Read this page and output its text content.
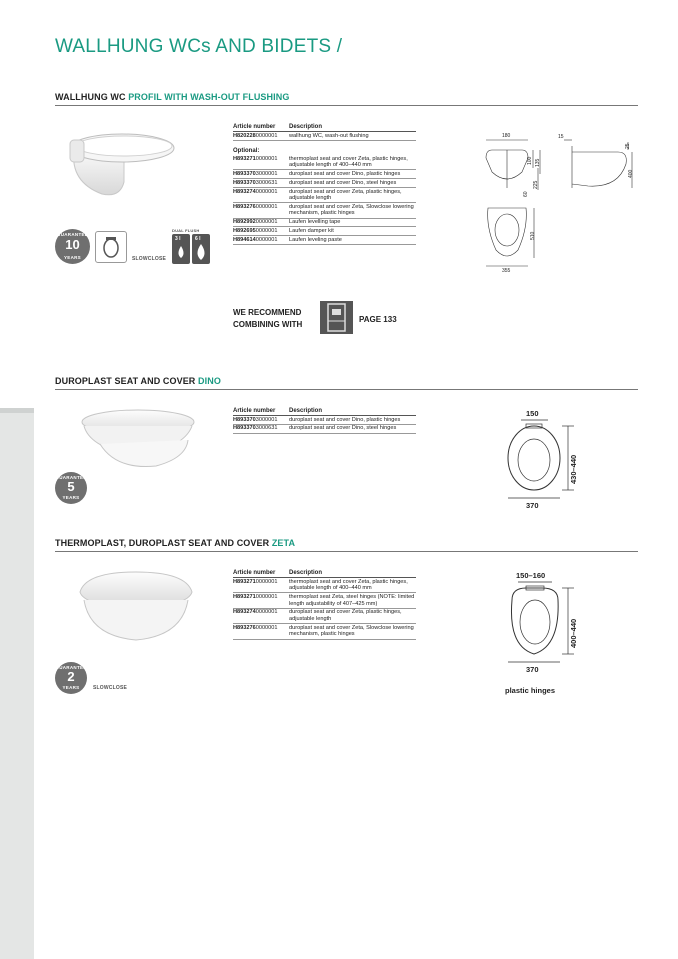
WALLHUNG WCs AND BIDETS /
WALLHUNG WC PROFIL WITH WASH-OUT FLUSHING
GUARANTEE
10
YEARS	SLOWCLOSE
DUAL FLUSH
3 l	6 l
Article number	Description
H8202280000001	wallhung WC, wash-out flushing
Optional:	
H8932710000001	thermoplast seat and cover Zeta, plastic hinges, adjustable length of 400–440 mm
H8933703000001	duroplast seat and cover Dino, plastic hinges
H8933703000631	duroplast seat and cover Dino, steel hinges
H8932740000001	duroplast seat and cover Zeta, plastic hinges, adjustable length
H8932760000001	duroplast seat and cover Zeta, Slowclose lowering mechanism, plastic hinges
H8929920000001	Laufen levelling tape
H8926950000001	Laufen damper kit
H8946140000001	Laufen leveling paste
180
100 135
225
60
15
25
400
510
355
WE RECOMMEND
COMBINING WITH
PAGE 133
DUROPLAST SEAT AND COVER DINO
GUARANTEE
5
YEARS
Article number	Description
H8933703000001	duroplast seat and cover Dino, plastic hinges
H8933703000631	duroplast seat and cover Dino, steel hinges
150
430–440
370
THERMOPLAST, DUROPLAST SEAT AND COVER ZETA
GUARANTEE
2
YEARS	SLOWCLOSE
Article number	Description
H8932710000001	thermoplast seat and cover Zeta, plastic hinges, adjustable length of 400–440 mm
H8932710000001	thermoplast seat Zeta, steel hinges (NOTE: limited length adjustability of 407–425 mm)
H8932740000001	duroplast seat and cover Zeta, plastic hinges, adjustable length
H8932760000001	duroplast seat and cover Zeta, Slowclose lowering mechanism, plastic hinges
150–160
400–440
370
plastic hinges
